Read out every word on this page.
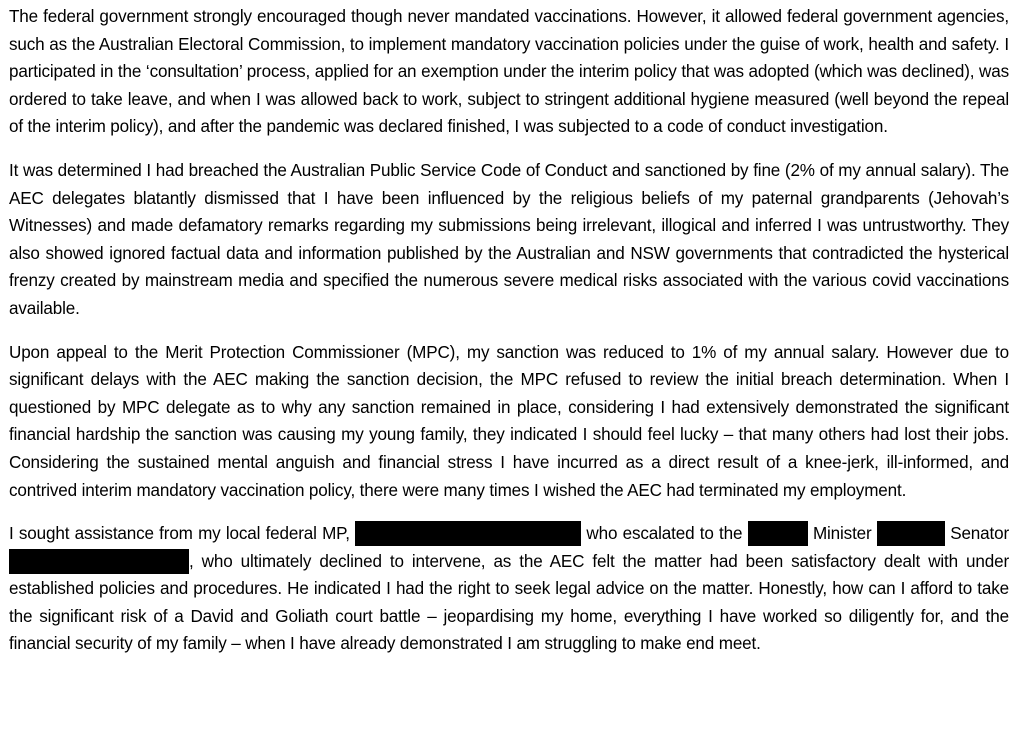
The federal government strongly encouraged though never mandated vaccinations. However, it allowed federal government agencies, such as the Australian Electoral Commission, to implement mandatory vaccination policies under the guise of work, health and safety. I participated in the ‘consultation’ process, applied for an exemption under the interim policy that was adopted (which was declined), was ordered to take leave, and when I was allowed back to work, subject to stringent additional hygiene measured (well beyond the repeal of the interim policy), and after the pandemic was declared finished, I was subjected to a code of conduct investigation.

It was determined I had breached the Australian Public Service Code of Conduct and sanctioned by fine (2% of my annual salary). The AEC delegates blatantly dismissed that I have been influenced by the religious beliefs of my paternal grandparents (Jehovah’s Witnesses) and made defamatory remarks regarding my submissions being irrelevant, illogical and inferred I was untrustworthy. They also showed ignored factual data and information published by the Australian and NSW governments that contradicted the hysterical frenzy created by mainstream media and specified the numerous severe medical risks associated with the various covid vaccinations available.

Upon appeal to the Merit Protection Commissioner (MPC), my sanction was reduced to 1% of my annual salary. However due to significant delays with the AEC making the sanction decision, the MPC refused to review the initial breach determination. When I questioned by MPC delegate as to why any sanction remained in place, considering I had extensively demonstrated the significant financial hardship the sanction was causing my young family, they indicated I should feel lucky – that many others had lost their jobs. Considering the sustained mental anguish and financial stress I have incurred as a direct result of a knee-jerk, ill-informed, and contrived interim mandatory vaccination policy, there were many times I wished the AEC had terminated my employment.

I sought assistance from my local federal MP,	who escalated to the	Minister	Senator , who ultimately declined to intervene, as the AEC felt the matter had been satisfactory dealt with under established policies and procedures. He indicated I had the right to seek legal advice on the matter. Honestly, how can I afford to take the significant risk of a David and Goliath court battle – jeopardising my home, everything I have worked so diligently for, and the financial security of my family – when I have already demonstrated I am struggling to make end meet.
